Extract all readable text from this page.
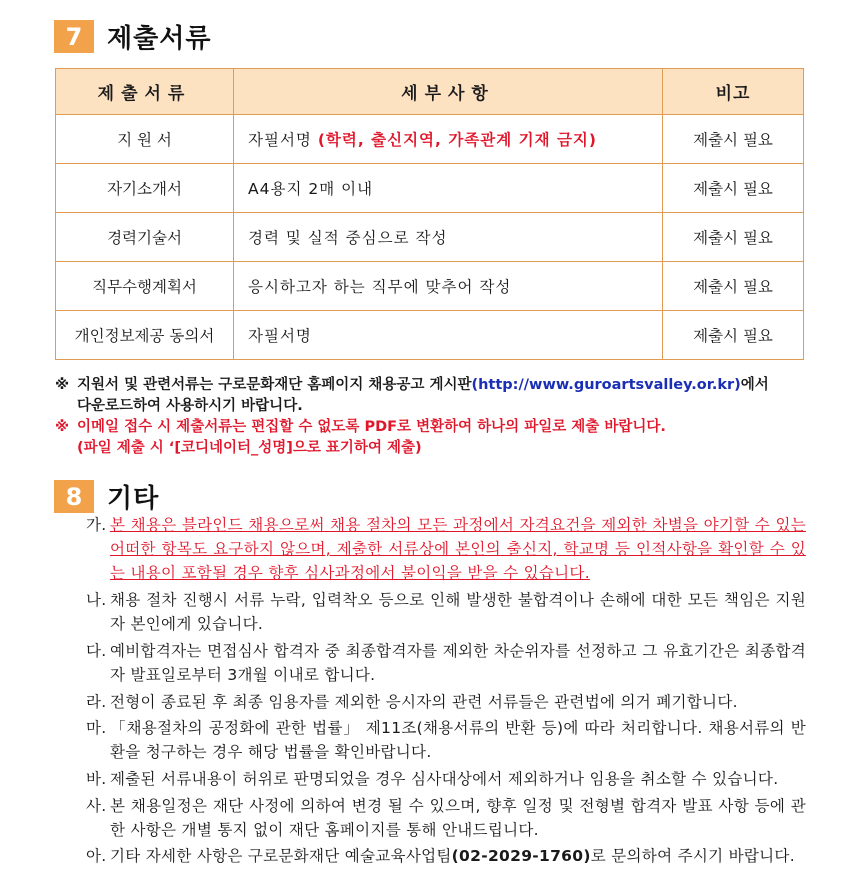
7 제출서류
제출서류	세부사항	비고
지 원 서	자필서명 (학력, 출신지역, 가족관계 기재 금지)	제출시 필요
자기소개서	A4용지 2매 이내	제출시 필요
경력기술서	경력 및 실적 중심으로 작성	제출시 필요
직무수행계획서	응시하고자 하는 직무에 맞추어 작성	제출시 필요
개인정보제공 동의서	자필서명	제출시 필요
※ 지원서 및 관련서류는 구로문화재단 홈페이지 채용공고 게시판(http://www.guroartsvalley.or.kr)에서
다운로드하여 사용하시기 바랍니다.
※ 이메일 접수 시 제출서류는 편집할 수 없도록 PDF로 변환하여 하나의 파일로 제출 바랍니다.
(파일 제출 시 ‘[코디네이터_성명]으로 표기하여 제출)
8 기타
가. 본 채용은 블라인드 채용으로써 채용 절차의 모든 과정에서 자격요건을 제외한 차별을 야기할 수 있는 어떠한 항목도 요구하지 않으며, 제출한 서류상에 본인의 출신지, 학교명 등 인적사항을 확인할 수 있는 내용이 포함될 경우 향후 심사과정에서 불이익을 받을 수 있습니다.
나. 채용 절차 진행시 서류 누락, 입력착오 등으로 인해 발생한 불합격이나 손해에 대한 모든 책임은 지원자 본인에게 있습니다.
다. 예비합격자는 면접심사 합격자 중 최종합격자를 제외한 차순위자를 선정하고 그 유효기간은 최종합격자 발표일로부터 3개월 이내로 합니다.
라. 전형이 종료된 후 최종 임용자를 제외한 응시자의 관련 서류들은 관련법에 의거 폐기합니다.
마. 「채용절차의 공정화에 관한 법률」 제11조(채용서류의 반환 등)에 따라 처리합니다. 채용서류의 반환을 청구하는 경우 해당 법률을 확인바랍니다.
바. 제출된 서류내용이 허위로 판명되었을 경우 심사대상에서 제외하거나 임용을 취소할 수 있습니다.
사. 본 채용일정은 재단 사정에 의하여 변경 될 수 있으며, 향후 일정 및 전형별 합격자 발표 사항 등에 관한 사항은 개별 통지 없이 재단 홈페이지를 통해 안내드립니다.
아. 기타 자세한 사항은 구로문화재단 예술교육사업팀(02-2029-1760)로 문의하여 주시기 바랍니다.
